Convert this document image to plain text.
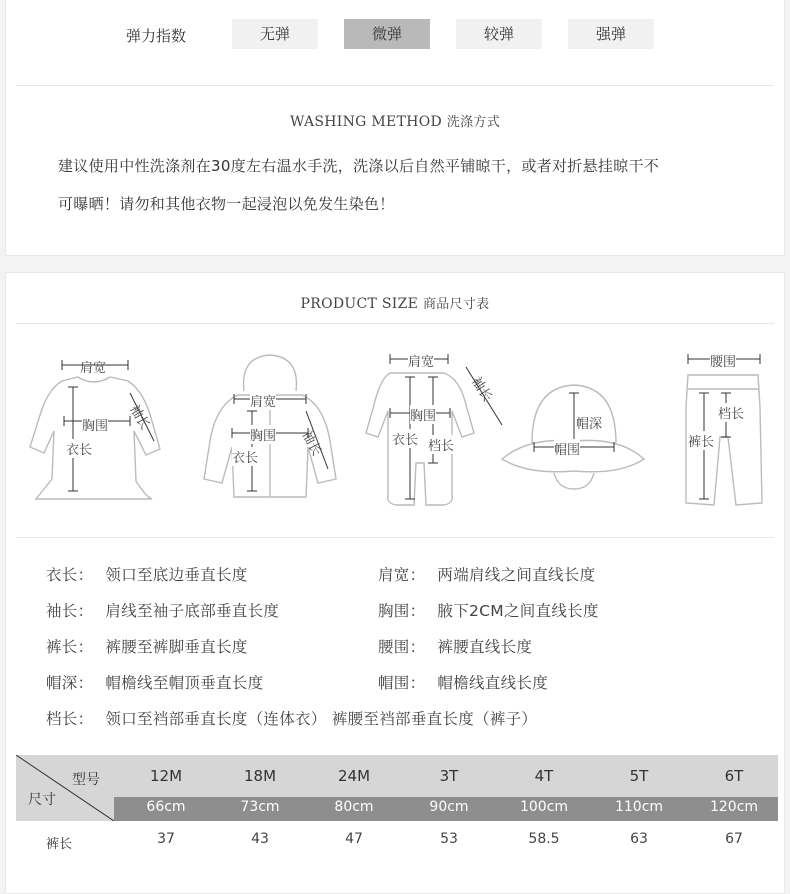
弹力指数	无弹	微弹	较弹	强弹
WASHING METHOD 洗涤方式
建议使用中性洗涤剂在30度左右温水手洗，洗涤以后自然平铺晾干，或者对折悬挂晾干不
可曝晒！请勿和其他衣物一起浸泡以免发生染色！
PRODUCT SIZE 商品尺寸表
肩宽
胸围
衣长
袖长	肩宽
胸围
衣长
袖长
肩宽
胸围
衣长 档长
袖长
帽深
帽围
腰围
档长
裤长
衣长： 领口至底边垂直长度	肩宽： 两端肩线之间直线长度
袖长： 肩线至袖子底部垂直长度	胸围： 腋下2CM之间直线长度
裤长： 裤腰至裤脚垂直长度	腰围： 裤腰直线长度
帽深： 帽檐线至帽顶垂直长度	帽围： 帽檐线直线长度
档长： 领口至裆部垂直长度（连体衣） 裤腰至裆部垂直长度（裤子）
型号
尺寸
12M	18M	24M	3T	4T	5T	6T
66cm	73cm	80cm	90cm	100cm	110cm	120cm
裤长	37	43	47	53	58.5	63	67
